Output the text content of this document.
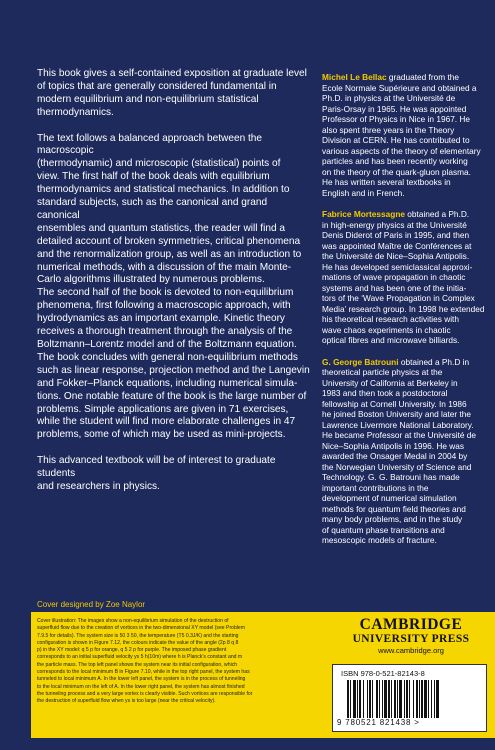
This book gives a self-contained exposition at graduate level
of topics that are generally considered fundamental in
modern equilibrium and non-equilibrium statistical
thermodynamics.

The text follows a balanced approach between the macroscopic
(thermodynamic) and microscopic (statistical) points of
view. The first half of the book deals with equilibrium
thermodynamics and statistical mechanics. In addition to
standard subjects, such as the canonical and grand canonical
ensembles and quantum statistics, the reader will find a
detailed account of broken symmetries, critical phenomena
and the renormalization group, as well as an introduction to
numerical methods, with a discussion of the main Monte-
Carlo algorithms illustrated by numerous problems.

The second half of the book is devoted to non-equilibrium
phenomena, first following a macroscopic approach, with
hydrodynamics as an important example. Kinetic theory
receives a thorough treatment through the analysis of the
Boltzmann–Lorentz model and of the Boltzmann equation.
The book concludes with general non-equilibrium methods
such as linear response, projection method and the Langevin
and Fokker–Planck equations, including numerical simula-
tions. One notable feature of the book is the large number of
problems. Simple applications are given in 71 exercises,
while the student will find more elaborate challenges in 47
problems, some of which may be used as mini-projects.

This advanced textbook will be of interest to graduate students
and researchers in physics.

Michel Le Bellac graduated from the
Ecole Normale Supérieure and obtained a
Ph.D. in physics at the Université de
Paris-Orsay in 1965. He was appointed
Professor of Physics in Nice in 1967. He
also spent three years in the Theory
Division at CERN. He has contributed to
various aspects of the theory of elementary
particles and has been recently working
on the theory of the quark-gluon plasma.
He has written several textbooks in
English and in French.

Fabrice Mortessagne obtained a Ph.D.
in high-energy physics at the Université
Denis Diderot of Paris in 1995, and then
was appointed Maître de Conférences at
the Université de Nice–Sophia Antipolis.
He has developed semiclassical approxi-
mations of wave propagation in chaotic
systems and has been one of the initia-
tors of the ‘Wave Propagation in Complex
Media’ research group. In 1998 he extended
his theoretical research activities with
wave chaos experiments in chaotic
optical fibres and microwave billiards.

G. George Batrouni obtained a Ph.D in
theoretical particle physics at the
University of California at Berkeley in
1983 and then took a postdoctoral
fellowship at Cornell University. In 1986
he joined Boston University and later the
Lawrence Livermore National Laboratory.
He became Professor at the Université de
Nice–Sophia Antipolis in 1996. He was
awarded the Onsager Medal in 2004 by
the Norwegian University of Science and
Technology. G. G. Batrouni has made
important contributions in the
development of numerical simulation
methods for quantum field theories and
many body problems, and in the study
of quantum phase transitions and
mesoscopic models of fracture.

Cover designed by Zoe Naylor
Cover illustration: The images show a non-equilibrium simulation of the destruction of
superfluid flow due to the creation of vortices in the two-dimensional XY model (see Problem
7.9.5 for details). The system size is 50 3 50, the temperature (T5 0.3J/K) and the starting
configuration is shown in Figure 7.12, the colours indicate the value of the angle (2p 8 q 8
p) in the XY model: q 5 p for orange, q 5 2 p for purple. The imposed phase gradient
corresponds to an initial superfluid velocity ys 5 h(10m) where h is Planck’s constant and m
the particle mass. The top left panel shows the system near its initial configuration, which
corresponds to the local minimum B in Figure 7.10, while in the top right panel, the system has
tunneled to local minimum A. In the lower left panel, the system is in the process of tunneling
to the local minimum on the left of A. In the lower right panel, the system has almost finished
the tunneling process and a very large vortex is clearly visible. Such vortices are responsible for
the destruction of superfluid flow when ys is too large (near the critical velocity).
CAMBRIDGE
UNIVERSITY PRESS
www.cambridge.org
ISBN 978-0-521-82143-8
9 780521 821438 >
